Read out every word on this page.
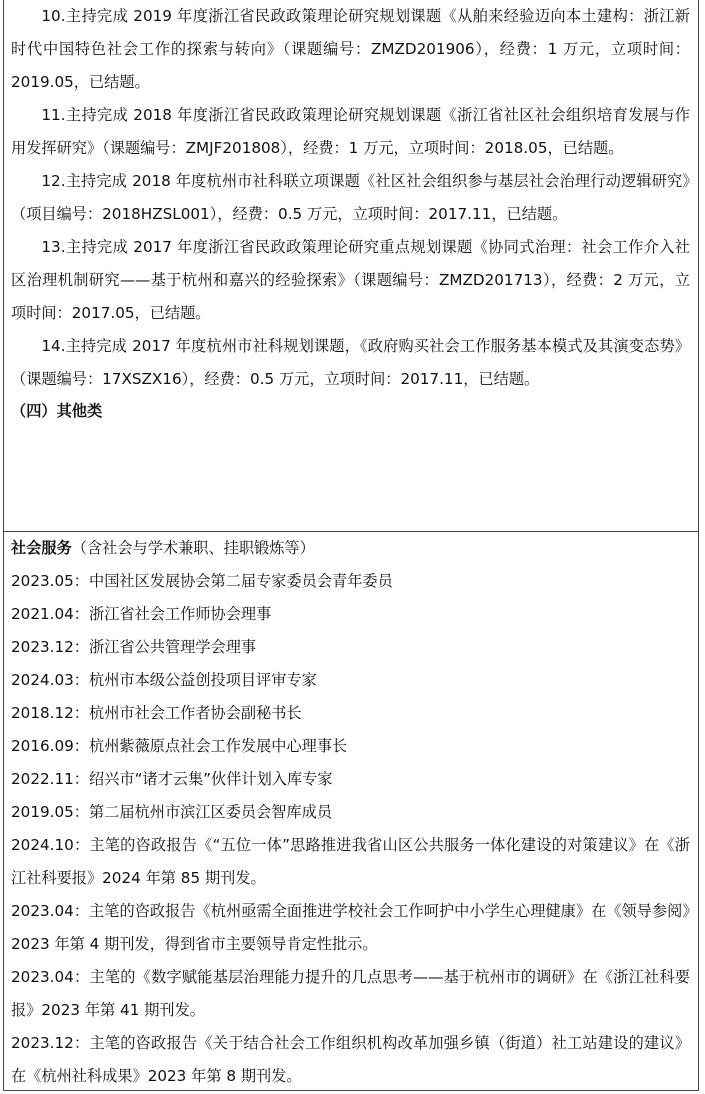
10.主持完成 2019 年度浙江省民政政策理论研究规划课题《从舶来经验迈向本土建构：浙江新时代中国特色社会工作的探索与转向》（课题编号：ZMZD201906），经费：1 万元，立项时间：2019.05，已结题。

11.主持完成 2018 年度浙江省民政政策理论研究规划课题《浙江省社区社会组织培育发展与作用发挥研究》（课题编号：ZMJF201808），经费：1 万元，立项时间：2018.05，已结题。

12.主持完成 2018 年度杭州市社科联立项课题《社区社会组织参与基层社会治理行动逻辑研究》（项目编号：2018HZSL001），经费：0.5 万元，立项时间：2017.11，已结题。

13.主持完成 2017 年度浙江省民政政策理论研究重点规划课题《协同式治理：社会工作介入社区治理机制研究——基于杭州和嘉兴的经验探索》（课题编号：ZMZD201713），经费：2 万元，立项时间：2017.05，已结题。

14.主持完成 2017 年度杭州市社科规划课题，《政府购买社会工作服务基本模式及其演变态势》（课题编号：17XSZX16），经费：0.5 万元，立项时间：2017.11，已结题。

（四）其他类

社会服务（含社会与学术兼职、挂职锻炼等）

2023.05：中国社区发展协会第二届专家委员会青年委员

2021.04：浙江省社会工作师协会理事

2023.12：浙江省公共管理学会理事

2024.03：杭州市本级公益创投项目评审专家

2018.12：杭州市社会工作者协会副秘书长

2016.09：杭州紫薇原点社会工作发展中心理事长

2022.11：绍兴市“诸才云集”伙伴计划入库专家

2019.05：第二届杭州市滨江区委员会智库成员

2024.10：主笔的咨政报告《“五位一体”思路推进我省山区公共服务一体化建设的对策建议》在《浙江社科要报》2024 年第 85 期刊发。

2023.04：主笔的咨政报告《杭州亟需全面推进学校社会工作呵护中小学生心理健康》在《领导参阅》2023 年第 4 期刊发，得到省市主要领导肯定性批示。

2023.04：主笔的《数字赋能基层治理能力提升的几点思考——基于杭州市的调研》在《浙江社科要报》2023 年第 41 期刊发。

2023.12：主笔的咨政报告《关于结合社会工作组织机构改革加强乡镇（街道）社工站建设的建议》在《杭州社科成果》2023 年第 8 期刊发。
